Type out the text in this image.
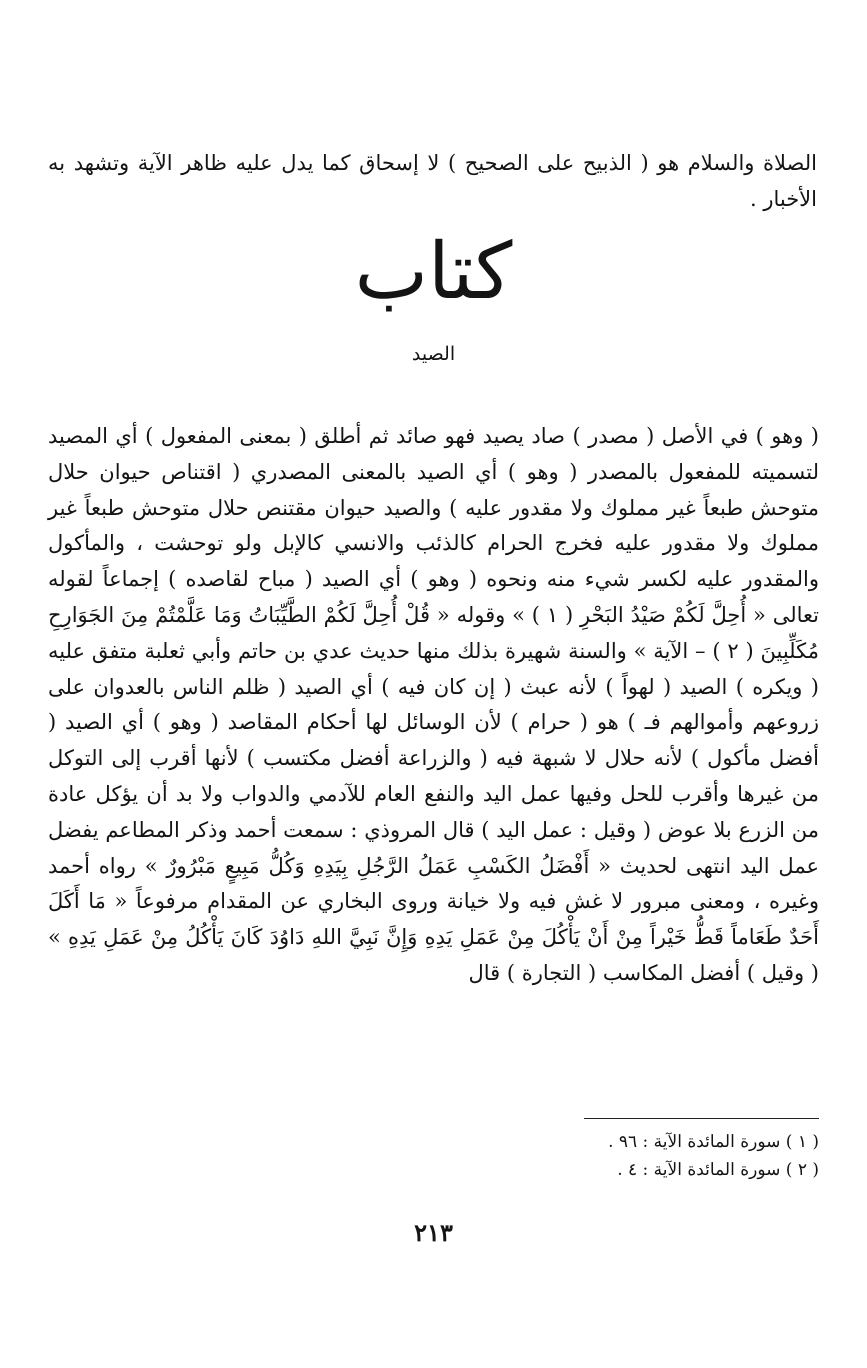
الصلاة والسلام هو ( الذبيح على الصحيح ) لا إسحاق كما يدل عليه ظاهر الآية وتشهد به الأخبار .

كتاب
الصيد

( وهو ) في الأصل ( مصدر ) صاد يصيد فهو صائد ثم أطلق ( بمعنى المفعول ) أي المصيد لتسميته للمفعول بالمصدر ( وهو ) أي الصيد بالمعنى المصدري ( اقتناص حيوان حلال متوحش طبعاً غير مملوك ولا مقدور عليه ) والصيد حيوان مقتنص حلال متوحش طبعاً غير مملوك ولا مقدور عليه فخرج الحرام كالذئب والانسي كالإبل ولو توحشت ، والمأكول والمقدور عليه لكسر شيء منه ونحوه ( وهو ) أي الصيد ( مباح لقاصده ) إجماعاً لقوله تعالى « أُحِلَّ لَكُمْ صَيْدُ البَحْرِ ( ١ ) » وقوله « قُلْ أُحِلَّ لَكُمْ الطَّيِّبَاتُ وَمَا عَلَّمْتُمْ مِنَ الجَوَارِحِ مُكَلِّبِينَ ( ٢ ) – الآية » والسنة شهيرة بذلك منها حديث عدي بن حاتم وأبي ثعلبة متفق عليه ( ويكره ) الصيد ( لهواً ) لأنه عبث ( إن كان فيه ) أي الصيد ( ظلم الناس بالعدوان على زروعهم وأموالهم فـ ) هو ( حرام ) لأن الوسائل لها أحكام المقاصد ( وهو ) أي الصيد ( أفضل مأكول ) لأنه حلال لا شبهة فيه ( والزراعة أفضل مكتسب ) لأنها أقرب إلى التوكل من غيرها وأقرب للحل وفيها عمل اليد والنفع العام للآدمي والدواب ولا بد أن يؤكل عادة من الزرع بلا عوض ( وقيل : عمل اليد ) قال المروذي : سمعت أحمد وذكر المطاعم يفضل عمل اليد انتهى لحديث « أَفْضَلُ الكَسْبِ عَمَلُ الرَّجُلِ بِيَدِهِ وَكُلُّ مَبِيعٍ مَبْرُورٌ » رواه أحمد وغيره ، ومعنى مبرور لا غش فيه ولا خيانة وروى البخاري عن المقدام مرفوعاً « مَا أَكَلَ أَحَدٌ طَعَاماً قَطُّ خَيْراً مِنْ أَنْ يَأْكُلَ مِنْ عَمَلِ يَدِهِ وَإِنَّ نَبِيَّ اللهِ دَاوُدَ كَانَ يَأْكُلُ مِنْ عَمَلِ يَدِهِ » ( وقيل ) أفضل المكاسب ( التجارة ) قال

( ١ ) سورة المائدة الآية : ٩٦ .
( ٢ ) سورة المائدة الآية : ٤ .
٢١٣
